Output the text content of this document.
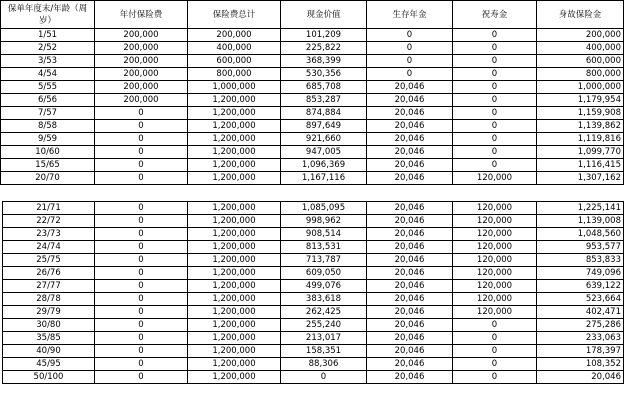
保单年度末/年龄（周岁）	年付保险费	保险费总计	现金价值	生存年金	祝寿金	身故保险金
1/51	200,000	200,000	101,209	0	0	200,000
2/52	200,000	400,000	225,822	0	0	400,000
3/53	200,000	600,000	368,399	0	0	600,000
4/54	200,000	800,000	530,356	0	0	800,000
5/55	200,000	1,000,000	685,708	20,046	0	1,000,000
6/56	200,000	1,200,000	853,287	20,046	0	1,179,954
7/57	0	1,200,000	874,884	20,046	0	1,159,908
8/58	0	1,200,000	897,649	20,046	0	1,139,862
9/59	0	1,200,000	921,660	20,046	0	1,119,816
10/60	0	1,200,000	947,005	20,046	0	1,099,770
15/65	0	1,200,000	1,096,369	20,046	0	1,116,415
20/70	0	1,200,000	1,167,116	20,046	120,000	1,307,162
21/71	0	1,200,000	1,085,095	20,046	120,000	1,225,141
22/72	0	1,200,000	998,962	20,046	120,000	1,139,008
23/73	0	1,200,000	908,514	20,046	120,000	1,048,560
24/74	0	1,200,000	813,531	20,046	120,000	953,577
25/75	0	1,200,000	713,787	20,046	120,000	853,833
26/76	0	1,200,000	609,050	20,046	120,000	749,096
27/77	0	1,200,000	499,076	20,046	120,000	639,122
28/78	0	1,200,000	383,618	20,046	120,000	523,664
29/79	0	1,200,000	262,425	20,046	120,000	402,471
30/80	0	1,200,000	255,240	20,046	0	275,286
35/85	0	1,200,000	213,017	20,046	0	233,063
40/90	0	1,200,000	158,351	20,046	0	178,397
45/95	0	1,200,000	88,306	20,046	0	108,352
50/100	0	1,200,000	0	20,046	0	20,046
